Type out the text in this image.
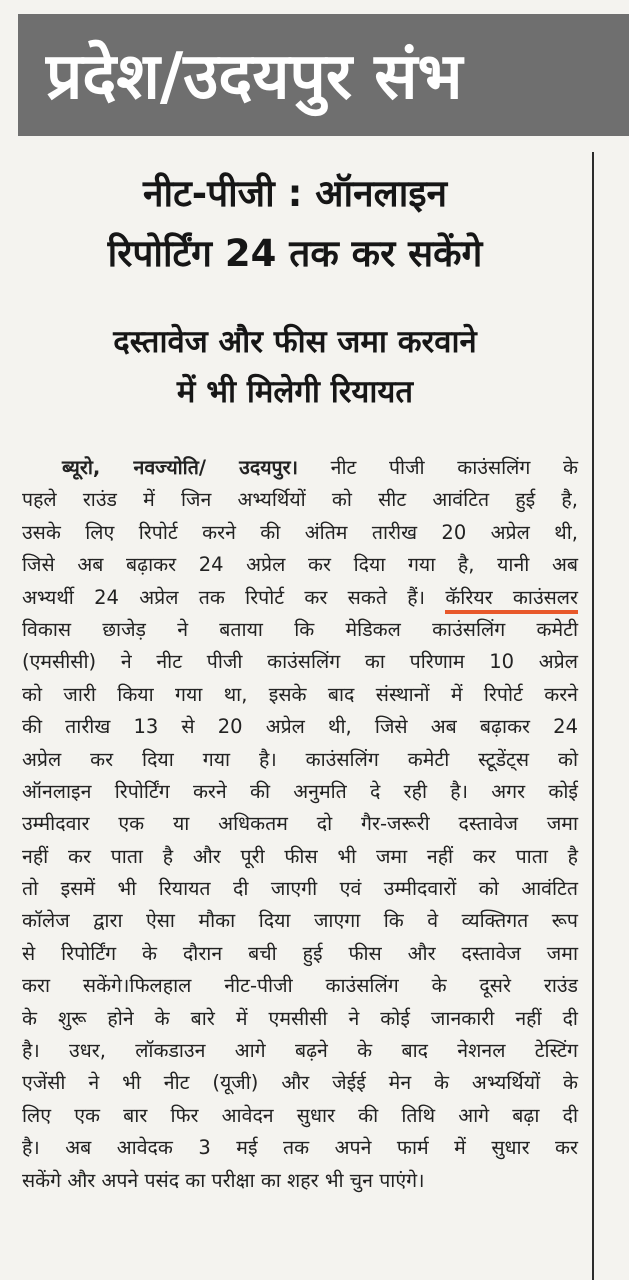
प्रदेश/उदयपुर संभ
नीट-पीजी : ऑनलाइन
रिपोर्टिंग 24 तक कर सकेंगे
दस्तावेज और फीस जमा करवाने
में भी मिलेगी रियायत
ब्यूरो, नवज्योति/ उदयपुर। नीट पीजी काउंसलिंग के
पहले राउंड में जिन अभ्यर्थियों को सीट आवंटित हुई है,
उसके लिए रिपोर्ट करने की अंतिम तारीख 20 अप्रेल थी,
जिसे अब बढ़ाकर 24 अप्रेल कर दिया गया है, यानी अब
अभ्यर्थी 24 अप्रेल तक रिपोर्ट कर सकते हैं। कॅरियर काउंसलर
विकास छाजेड़ ने बताया कि मेडिकल काउंसलिंग कमेटी
(एमसीसी) ने नीट पीजी काउंसलिंग का परिणाम 10 अप्रेल
को जारी किया गया था, इसके बाद संस्थानों में रिपोर्ट करने
की तारीख 13 से 20 अप्रेल थी, जिसे अब बढ़ाकर 24
अप्रेल कर दिया गया है। काउंसलिंग कमेटी स्टूडेंट्स को
ऑनलाइन रिपोर्टिंग करने की अनुमति दे रही है। अगर कोई
उम्मीदवार एक या अधिकतम दो गैर-जरूरी दस्तावेज जमा
नहीं कर पाता है और पूरी फीस भी जमा नहीं कर पाता है
तो इसमें भी रियायत दी जाएगी एवं उम्मीदवारों को आवंटित
कॉलेज द्वारा ऐसा मौका दिया जाएगा कि वे व्यक्तिगत रूप
से रिपोर्टिंग के दौरान बची हुई फीस और दस्तावेज जमा
करा सकेंगे।फिलहाल नीट-पीजी काउंसलिंग के दूसरे राउंड
के शुरू होने के बारे में एमसीसी ने कोई जानकारी नहीं दी
है। उधर, लॉकडाउन आगे बढ़ने के बाद नेशनल टेस्टिंग
एजेंसी ने भी नीट (यूजी) और जेईई मेन के अभ्यर्थियों के
लिए एक बार फिर आवेदन सुधार की तिथि आगे बढ़ा दी
है। अब आवेदक 3 मई तक अपने फार्म में सुधार कर
सकेंगे और अपने पसंद का परीक्षा का शहर भी चुन पाएंगे।
